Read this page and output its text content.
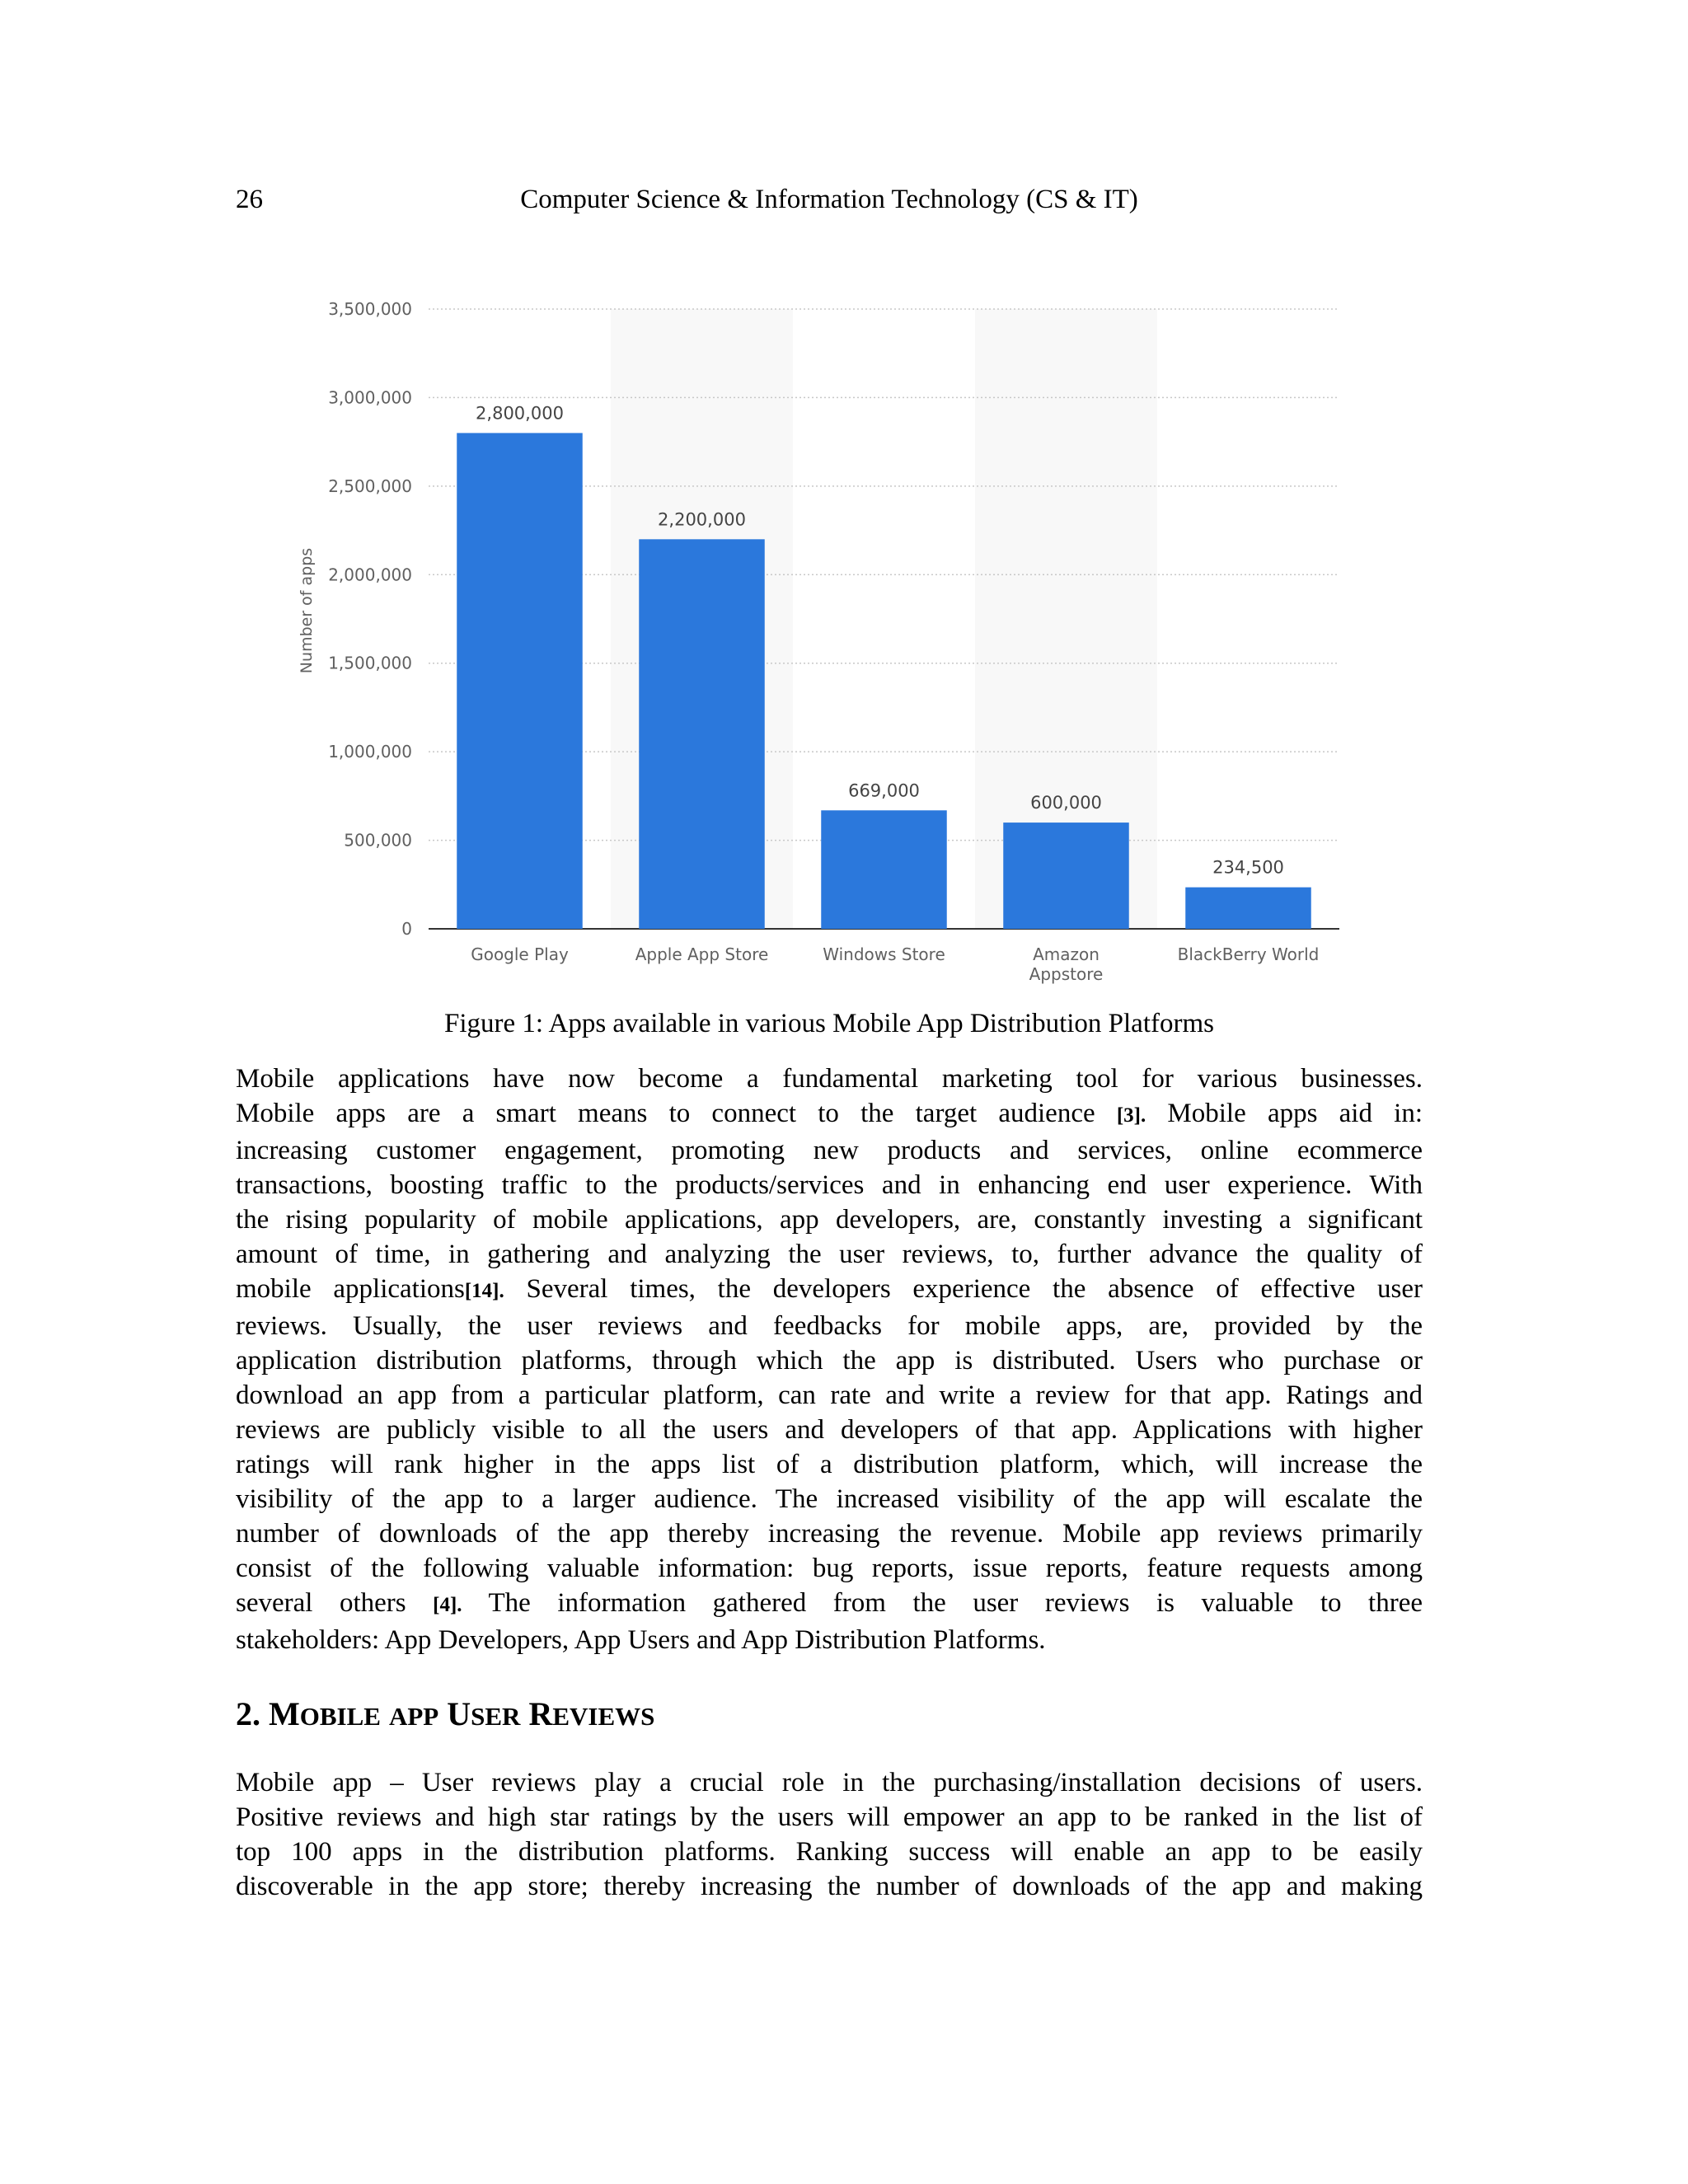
26	Computer Science & Information Technology (CS & IT)
0
500,000
1,000,000
1,500,000
2,000,000
2,500,000
3,000,000
3,500,000
Number of apps
2,800,000
Google Play
2,200,000
Apple App Store
669,000
Windows Store
600,000
Amazon
Appstore
234,500
BlackBerry World
Figure 1: Apps available in various Mobile App Distribution Platforms
Mobile applications have now become a fundamental marketing tool for various businesses.
Mobile apps are a smart means to connect to the target audience [3]. Mobile apps aid in:
increasing customer engagement, promoting new products and services, online ecommerce
transactions, boosting traffic to the products/services and in enhancing end user experience. With
the rising popularity of mobile applications, app developers, are, constantly investing a significant
amount of time, in gathering and analyzing the user reviews, to, further advance the quality of
mobile applications[14]. Several times, the developers experience the absence of effective user
reviews. Usually, the user reviews and feedbacks for mobile apps, are, provided by the
application distribution platforms, through which the app is distributed. Users who purchase or
download an app from a particular platform, can rate and write a review for that app. Ratings and
reviews are publicly visible to all the users and developers of that app. Applications with higher
ratings will rank higher in the apps list of a distribution platform, which, will increase the
visibility of the app to a larger audience. The increased visibility of the app will escalate the
number of downloads of the app thereby increasing the revenue. Mobile app reviews primarily
consist of the following valuable information: bug reports, issue reports, feature requests among
several others [4]. The information gathered from the user reviews is valuable to three
stakeholders: App Developers, App Users and App Distribution Platforms.
2. MOBILE APP USER REVIEWS
Mobile app – User reviews play a crucial role in the purchasing/installation decisions of users.
Positive reviews and high star ratings by the users will empower an app to be ranked in the list of
top 100 apps in the distribution platforms. Ranking success will enable an app to be easily
discoverable in the app store; thereby increasing the number of downloads of the app and making
